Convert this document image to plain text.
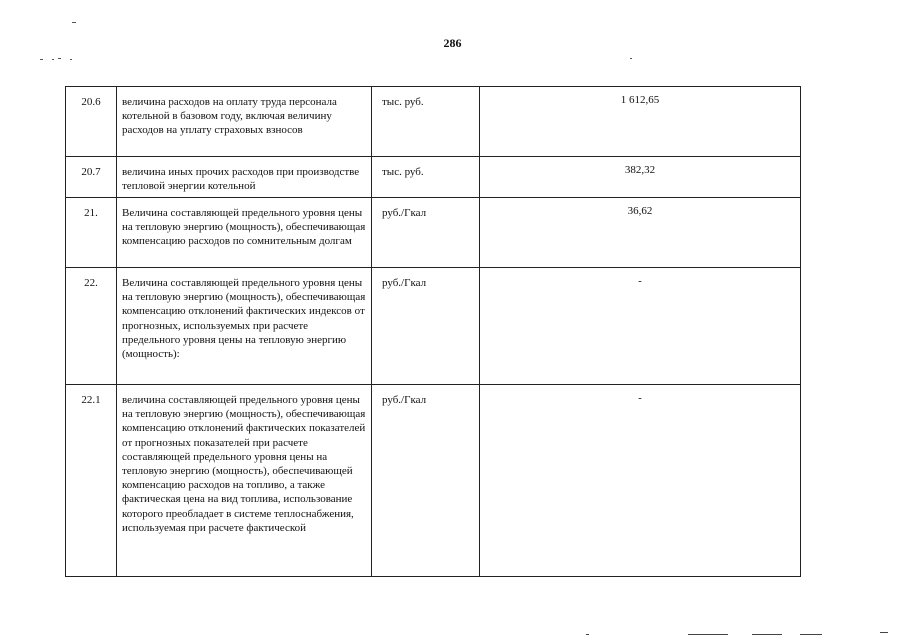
286
20.6	величина расходов на оплату труда персонала котельной в базовом году, включая величину расходов на уплату страховых взносов	тыс. руб.	1 612,65
20.7	величина иных прочих расходов при производстве тепловой энергии котельной	тыс. руб.	382,32
21.	Величина составляющей предельного уровня цены на тепловую энергию (мощность), обеспечивающая компенсацию расходов по сомнительным долгам	руб./Гкал	36,62
22.	Величина составляющей предельного уровня цены на тепловую энергию (мощность), обеспечивающая компенсацию отклонений фактических индексов от прогнозных, используемых при расчете предельного уровня цены на тепловую энергию (мощность):	руб./Гкал	-
22.1	величина составляющей предельного уровня цены на тепловую энергию (мощность), обеспечивающая компенсацию отклонений фактических показателей от прогнозных показателей при расчете составляющей предельного уровня цены на тепловую энергию (мощность), обеспечивающей компенсацию расходов на топливо, а также фактическая цена на вид топлива, использование которого преобладает в системе теплоснабжения, используемая при расчете фактической	руб./Гкал	-
